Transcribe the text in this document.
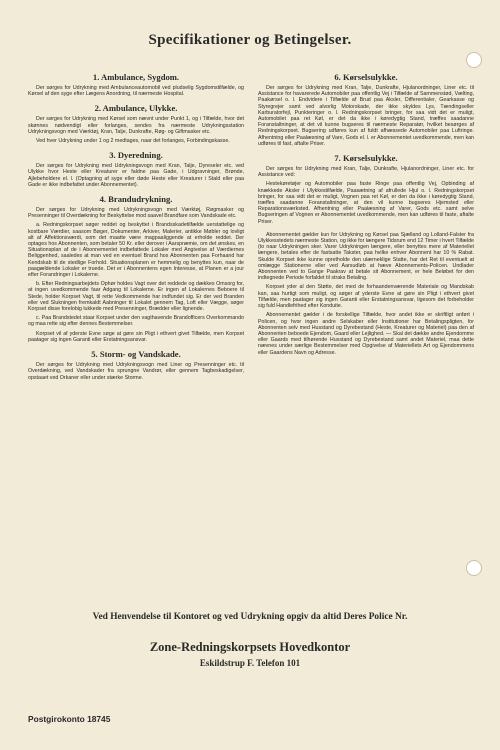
Specifikationer og Betingelser.
1. Ambulance, Sygdom.

Der sørges for Udrykning med Ambulanceautomobil ved pludselig Sygdomstilfælde, og Kørsel af den syge efter Lægens Anordning, til nærmeste Hospital.

2. Ambulance, Ulykke.

Der sørges for Udrykning med Kørsel som nævnt under Punkt 1, og i Tilfælde, hvor det skønnes nødvendigt eller forlanges, sendes fra nærmeste Udrykningsstation Udrykningsvogn med Værktøj, Kran, Talje, Dunkrafte, Røg- og Giftmasker etc.

Ved hver Udrykning under 1 og 2 medtages, naar det forlanges, Forbindingskasse.

3. Dyeredning.

Der sørges for Udrykning med Udrykningsvogn med Kran, Talje, Dyreseler etc. ved Ulykke hvor Heste eller Kreaturer er faldne paa Gade, i Udgravninger, Brønde, Ajlebeholdere el. l. (Optagning af syge eller døde Heste eller Kreaturer i Stald eller paa Gade er ikke indbefattet under Abonnementet).

4. Brandudrykning.

Der sørges for Udrykning med Udrykningsvogn med Værktøj, Røgmasker og Presenninger til Overdækning for Beskyttelse mod saavel Brandfare som Vandskade etc.

a. Redningskorpset søger reddet og beskyttet i Brandsskadetilfælde uerstattelige og kostbare Værdier, saasom Bøger, Dokumenter, Arkiver, Malerier, antikke Møbler og lovligt alt af Affektionsværdi, som det maatte være magpaaliggende at erholde reddet. Der optages hos Abonnenten, som betaler 50 Kr. eller derover i Aarspræmie, om det ønskes, en Situationsplan af de i Abonnementet indbefattede Lokaler med Angivelse af Værdiernes Beliggenhed, saaledes at man ved en eventuel Brand hos Abonnenten paa Forhaand har Kendskab til de stedlige Forhold. Situationsplanen er hemmelig og benyttes kun, naar de paagældende Lokaler er truede. Det er i Abonnentens egen Interesse, at Planen er a jour efter Forandringer i Lokalerne.

b. Efter Redningsarbejdets Ophør holdes Vagt over det reddede og dækkes Omsorg for, at ingen uvedkommende faar Adgang til Lokalerne. Er ingen af Lokalernes Beboere til Stede, holder Korpset Vagt, til rette Vedkommende har indfundet sig. Er der ved Branden eller ved Slukningen fremkaldt Aabninger til Lokalet gennem Tag, Loft eller Vægge, søger Korpset disse forelobig lukkede med Presenninger, Brædder eller lignende.

c. Paa Brandstedet staar Korpset under den vagthavende Brandofficers Overkommando og maa rette sig efter dennes Bestemmelser.

Korpset vil af yderste Evne søge at gøre sin Pligt i ethvert givet Tilfælde, men Korpset paatager sig ingen Garanti eller Erstatningsansvar.

5. Storm- og Vandskade.

Der sørges for Udrykning med Udrykningsvogn med Liner og Presenninger etc. til Overdækning, ved Vandskader fra sprungne Vandrør, eller gennem Tagbeskadigelser, opstaaet ved Orkaner eller under stærke Storme.

6. Kørselsulykke.

Der sørges for Udrykning med Kran, Talje, Dunkrafte, Hjulanordninger, Liner etc. til Assistance for havarerede Automobiler paa offentlig Vej i Tilfælde af Sammenstød, Vælting, Paakørsel o. l. Endvidere i Tilfælde af Brud paa Aksler, Differentialer, Gearkasse og Styregrejer samt ved alvorlig Motorskade, der ikke skyldes Lys, Tændingseller Karburatorfejl, Punkteringer o. l. Redningskorpset bringer, for saa vidt det er muligt, Automobilet paa ret Køl, er det da ikke i køredygtig Stand, træffes saadanne Foranstaltninger, at det vil kunne bugseres til nærmeste Reparatør, hvilket besørges af Redningskorpset. Bugsering udføres kun af fuldt afhæssede Automobiler paa Luftringe. Afhentning eller Paalæsning af Vare, Gods el. l. er Abonnementet uvedkommende, men kan udføres til fast, aftalte Priser.

7. Kørselsulykke.

Der sørges for Udrykning med Kran, Talje, Dunkrafte, Hjulanordninger, Liner etc. for Assistance ved:

Hestekøretøjer og Automobiler paa faste Ringe paa offentlig Vej, Opbinding af knækkede Aksler i Ulykkestilfælde, Paasætning af afrullede Hjul o. l. Redningskorpset bringer, for saa vidt det er muligt, Vognen paa ret Køl, er den da ikke i køredygtig Stand, træffes saadanne Foranstaltninger, at den vil kunne bugseres Hjemsted eller Reparationsværksted. Afhentning eller Paalæsning af Varer, Gods etc. samt selve Bugseringen af Vognen er Abonnementet uvedkommende, men kan udføres til faste, aftalte Priser.

Abonnementet gælder kun for Udrykning og Kørsel paa Sjælland og Lolland-Falster fra Ulykkesstedets nærmeste Station, og ikke for længere Tidsrum end 12 Timer i hvert Tilfælde (to naar Udrykningen sker. Varer Udrykningen længere, eller benyttes mere af Materiellet længere, betales efter de fastsatte Takster, paa hvilke enhver Abonnent har 10 % Rabat. Skulde Korpset ikke kunne opretholde den ulærneklige Statte, har det Ret til eventuelt at omlægge Stationerne eller ved Aarsudløb at hæve Abonnements-Policen. Undlader Abonnenten ved to Gange Paakrav at betale sit Abonnement, er hele Beløbet for den indtegnede Periode forfaldet til straks Betaling.

Korpset yder al den Støtte, det med de forhaandenværende Materiale og Mandskab kan, saa hurtigt som muligt, og søger af yderste Evne at gøre sin Pligt i ethvert givet Tilfælde, men paatager sig ingen Garanti eller Erstatningsansvar, ligesom det forbeholder sig fuld Handlefrihed efter Konduite.

Abonnementet gælder i de forskellige Tilfælde, hvor andet ikke er skriftligt anført i Policen, og hvor ingen andre Selskaber eller Institutioner har Betalingspligten, for Abonnenten selv med Husstand og Dyrebestand (Heste, Kreaturer og Materiel) paa den af Abonnenten beboede Ejendom, Gaard eller Lejlighed. — Skal det dække andre Ejendomme eller Gaards med tilhørende Husstand og Dyrebestand samt andet Materiel, maa dette nævnes under særlige Bestemmelser med Opgivelse af Materiellets Art og Ejendommens eller Gaardens Navn og Adresse.

Ved Henvendelse til Kontoret og ved Udrykning opgiv da altid Deres Police Nr.
Zone-Redningskorpsets Hovedkontor
Eskildstrup F. Telefon 101
Postgirokonto 18745
